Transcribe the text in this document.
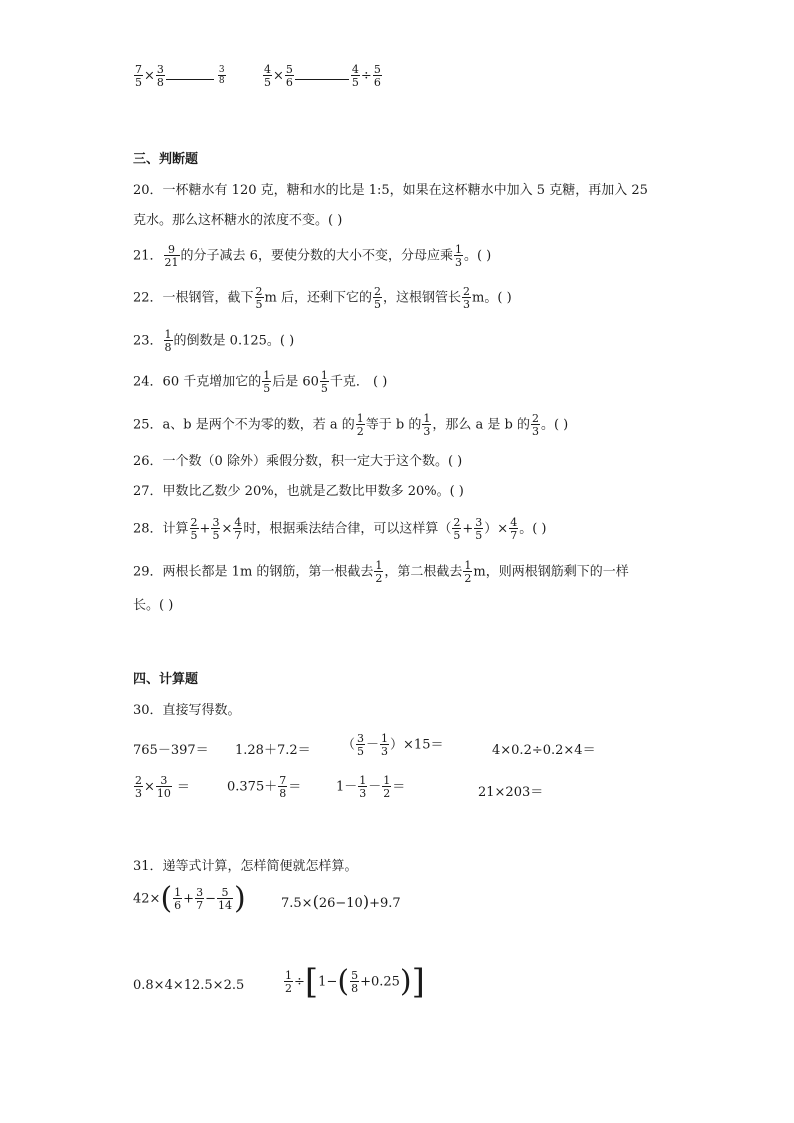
$\frac{7}{5} \times \frac{3}{8}$	$\frac{3}{8}$	$\frac{4}{5} \times \frac{5}{6}$	$\frac{4}{5} \div \frac{5}{6}$
三、判断题
20．一杯糖水有 120 克，糖和水的比是 1:5，如果在这杯糖水中加入 5 克糖，再加入 25
克水。那么这杯糖水的浓度不变。( )
21． $\frac{9}{21}$ 的分子减去 6，要使分数的大小不变，分母应乘 $\frac{1}{3}$ 。( )
22．一根钢管，截下 $\frac{2}{5}$ m 后，还剩下它的 $\frac{2}{5}$ ，这根钢管长 $\frac{2}{3}$ m。( )
23． $\frac{1}{8}$ 的倒数是 0.125。( )
24．60 千克增加它的 $\frac{1}{5}$ 后是 $60 \frac{1}{5}$ 千克． ( )
25．a、b 是两个不为零的数，若 a 的 $\frac{1}{2}$ 等于 b 的 $\frac{1}{3}$ ，那么 a 是 b 的 $\frac{2}{3}$ 。( )
26．一个数（0 除外）乘假分数，积一定大于这个数。( )
27．甲数比乙数少 20%，也就是乙数比甲数多 20%。( )
28．计算 $\frac{2}{5} + \frac{3}{5} \times \frac{4}{7}$ 时，根据乘法结合律，可以这样算（ $\frac{2}{5} + \frac{3}{5}$ ）× $\frac{4}{7}$ 。( )
29．两根长都是 1m 的钢筋，第一根截去 $\frac{1}{2}$ ，第二根截去 $\frac{1}{2}$ m，则两根钢筋剩下的一样
长。( )
四、计算题
30．直接写得数。
765－397＝ 1.28＋7.2＝ （ $\frac{3}{5} - \frac{1}{3} )\times 15=$	4×0.2÷0.2×4＝
$\frac{2}{3} \times \frac{3}{10}$ ＝	$0.375+ \frac{7}{8}$ ＝	$1- \frac{1}{3} - \frac{1}{2}$ ＝	21×203＝
31．递等式计算，怎样简便就怎样算。
$42\times( \frac{1}{6} + \frac{3}{7} - \frac{5}{14}$ )	7.5×(26−10)+9.7
0.8×4×12.5×2.5	$\frac{1}{2} \div[1-( \frac{5}{8} +0.25)]$
